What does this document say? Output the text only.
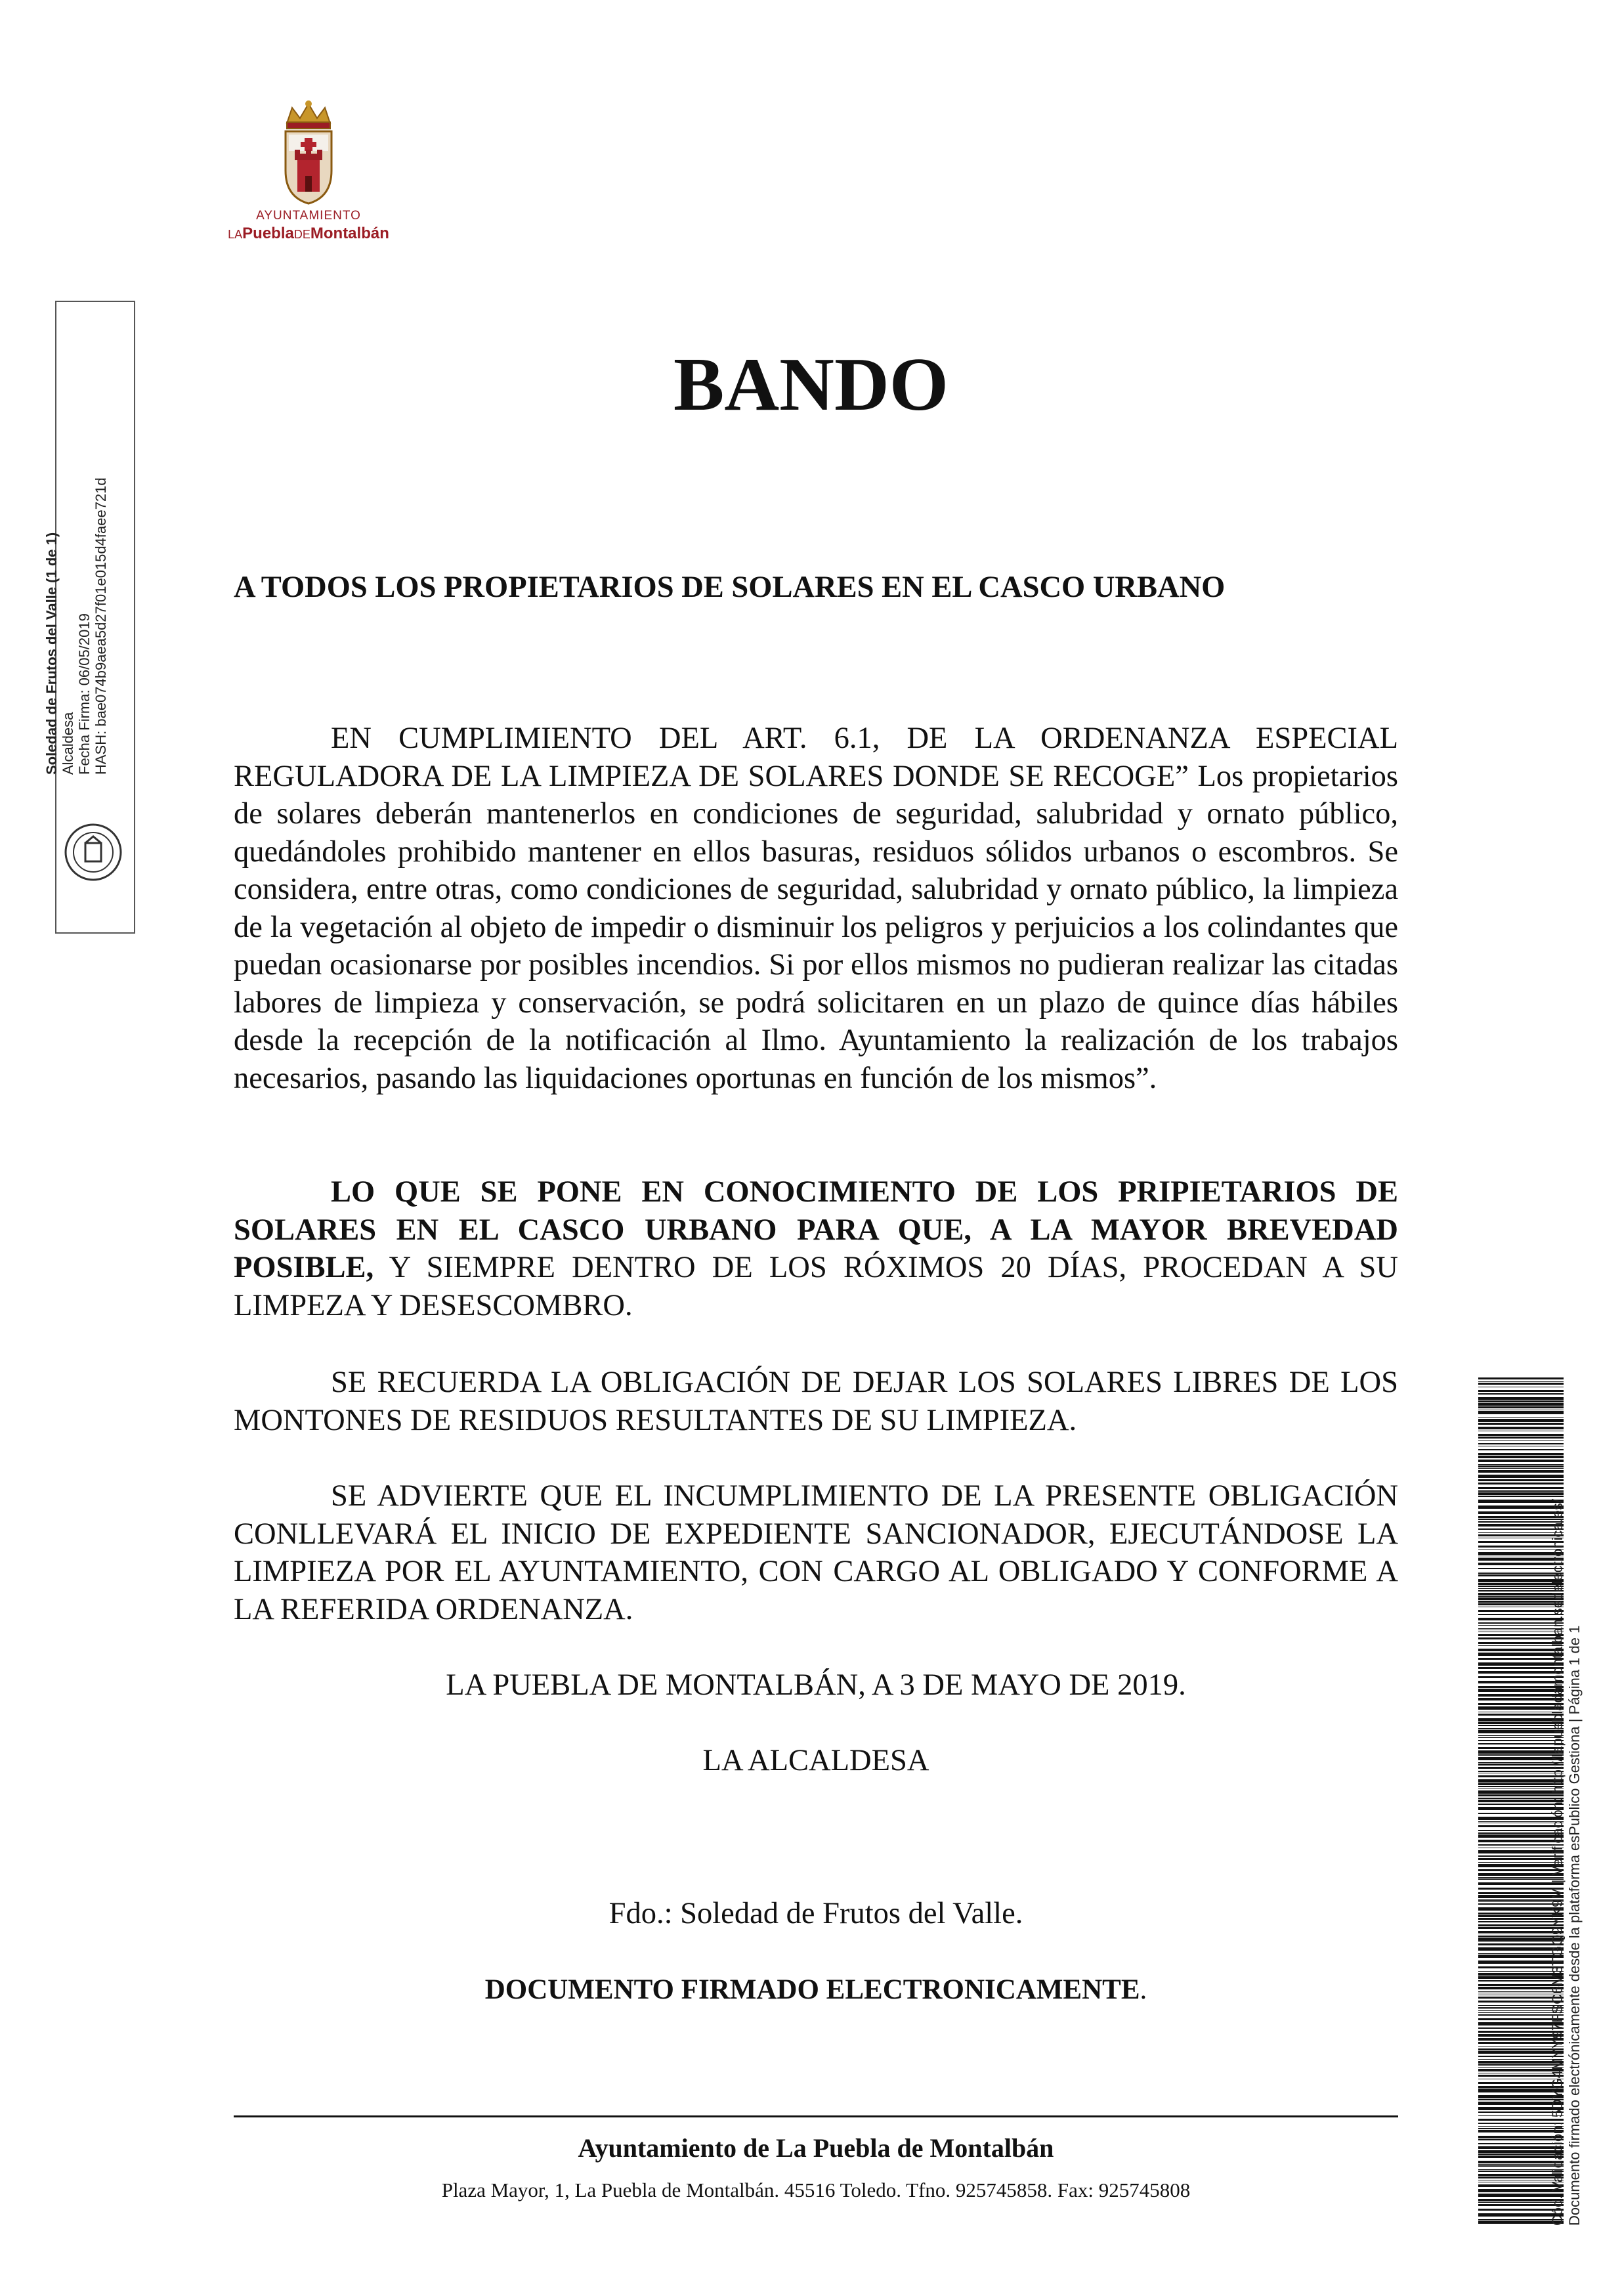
AYUNTAMIENTO
LAPueblaDEMontalbán
Soledad de Frutos del Valle (1 de 1) Alcaldesa Fecha Firma: 06/05/2019 HASH: bae074b9aea5d27f01e015d4faee721d
BANDO
A TODOS LOS PROPIETARIOS DE SOLARES EN EL CASCO URBANO
EN CUMPLIMIENTO DEL ART. 6.1, DE LA ORDENANZA ESPECIAL REGULADORA DE LA LIMPIEZA DE SOLARES DONDE SE RECOGE” Los propietarios de solares deberán mantenerlos en condiciones de seguridad, salubridad y ornato público, quedándoles prohibido mantener en ellos basuras, residuos sólidos urbanos o escombros. Se considera, entre otras, como condiciones de seguridad, salubridad y ornato público, la limpieza de la vegetación al objeto de impedir o disminuir los peligros y perjuicios a los colindantes que puedan ocasionarse por posibles incendios. Si por ellos mismos no pudieran realizar las citadas labores de limpieza y conservación, se podrá solicitaren en un plazo de quince días hábiles desde la recepción de la notificación al Ilmo. Ayuntamiento la realización de los trabajos necesarios, pasando las liquidaciones oportunas en función de los mismos”.
LO QUE SE PONE EN CONOCIMIENTO DE LOS PRIPIETARIOS DE SOLARES EN EL CASCO URBANO PARA QUE, A LA MAYOR BREVEDAD POSIBLE, Y SIEMPRE DENTRO DE LOS RÓXIMOS 20 DÍAS, PROCEDAN A SU LIMPEZA Y DESESCOMBRO.
SE RECUERDA LA OBLIGACIÓN DE DEJAR LOS SOLARES LIBRES DE LOS MONTONES DE RESIDUOS RESULTANTES DE SU LIMPIEZA.
SE ADVIERTE QUE EL INCUMPLIMIENTO DE LA PRESENTE OBLIGACIÓN CONLLEVARÁ EL INICIO DE EXPEDIENTE SANCIONADOR, EJECUTÁNDOSE LA LIMPIEZA POR EL AYUNTAMIENTO, CON CARGO AL OBLIGADO Y CONFORME A LA REFERIDA ORDENANZA.
LA PUEBLA DE MONTALBÁN, A 3 DE MAYO DE 2019.
LA ALCALDESA
Fdo.: Soledad de Frutos del Valle.
DOCUMENTO FIRMADO ELECTRONICAMENTE.
Ayuntamiento de La Puebla de Montalbán
Plaza Mayor, 1, La Puebla de Montalbán. 45516 Toledo. Tfno. 925745858. Fax: 925745808	Cód. Validación: 5DYG4MYY97FSC6M3TGQ9YK9M | Verificación: http://lapuebladamontalban.sedelectronica.es/ Documento firmado electrónicamente desde la plataforma esPublico Gestiona | Página 1 de 1
